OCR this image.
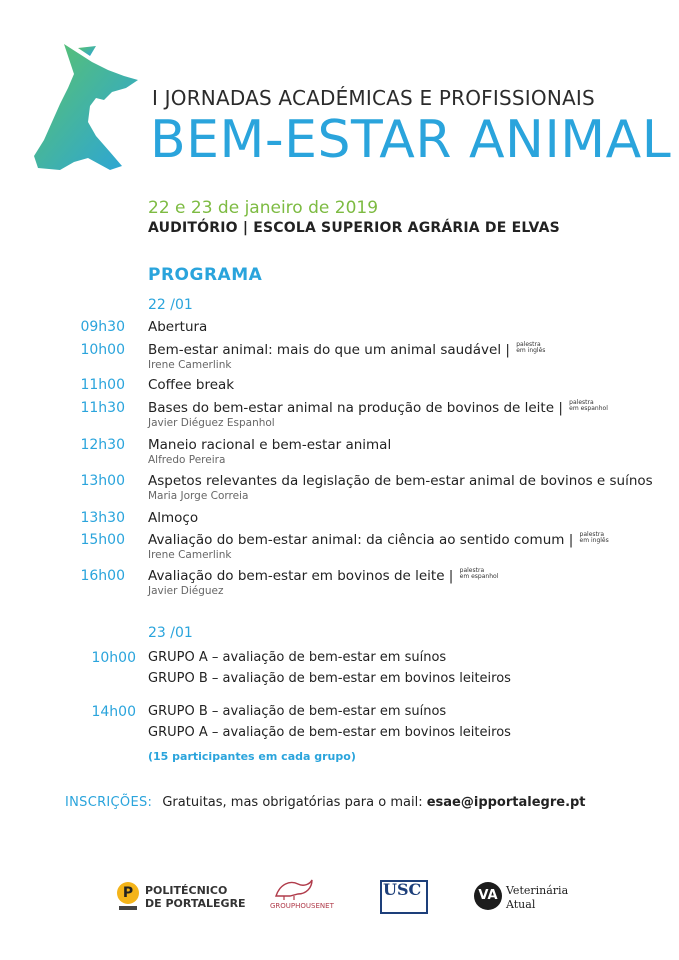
I JORNADAS ACADÉMICAS E PROFISSIONAIS
BEM-ESTAR ANIMAL
22 e 23 de janeiro de 2019
AUDITÓRIO | ESCOLA SUPERIOR AGRÁRIA DE ELVAS
PROGRAMA
22 /01
09h30 Abertura
10h00 Bem-estar animal: mais do que um animal saudável | palestra
em inglês
Irene Camerlink
11h00 Coffee break
11h30 Bases do bem-estar animal na produção de bovinos de leite | palestra
em espanhol
Javier Diéguez Espanhol
12h30 Maneio racional e bem-estar animal
Alfredo Pereira
13h00 Aspetos relevantes da legislação de bem-estar animal de bovinos e suínos
Maria Jorge Correia
13h30 Almoço
15h00 Avaliação do bem-estar animal: da ciência ao sentido comum | palestra
em inglês
Irene Camerlink
16h00 Avaliação do bem-estar em bovinos de leite | palestra
em espanhol
Javier Diéguez
23 /01
10h00 GRUPO A – avaliação de bem-estar em suínos
GRUPO B – avaliação de bem-estar em bovinos leiteiros
14h00 GRUPO B – avaliação de bem-estar em suínos
GRUPO A – avaliação de bem-estar em bovinos leiteiros
(15 participantes em cada grupo)
INSCRIÇÕES: Gratuitas, mas obrigatórias para o mail: esae@ipportalegre.pt
P	POLITÉCNICO
DE PORTALEGRE	GROUPHOUSENET
USC	VA Veterinária
Atual
